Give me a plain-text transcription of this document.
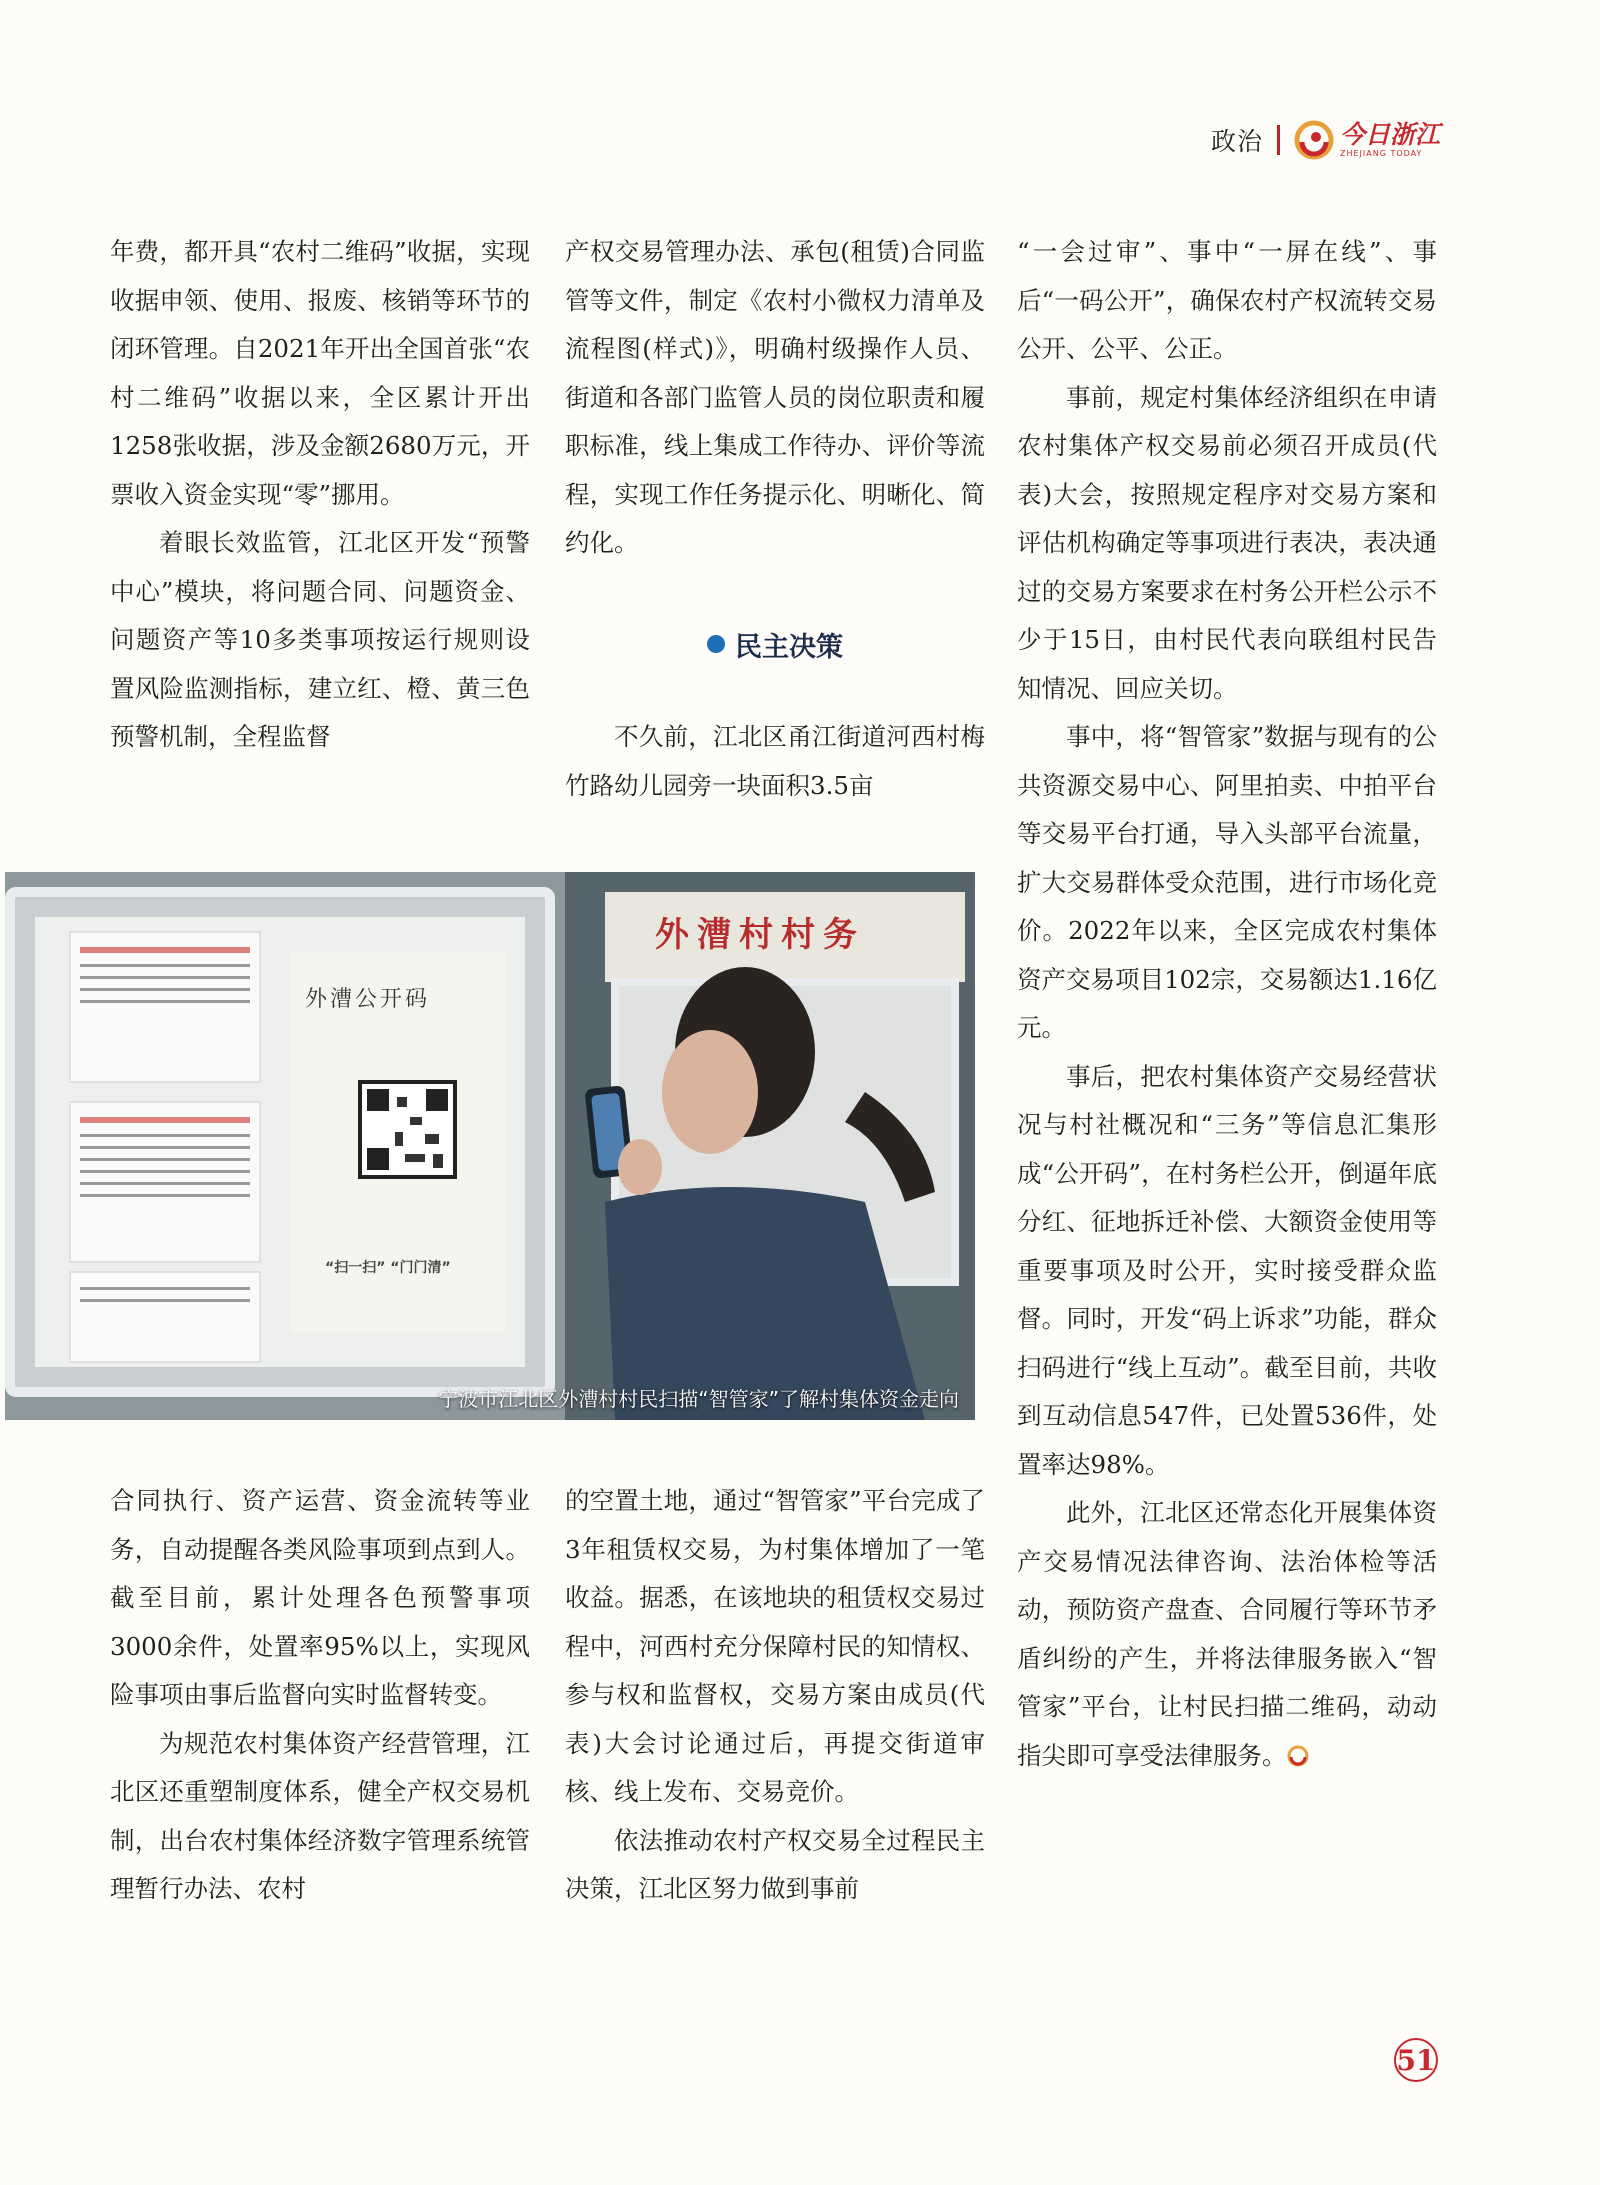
政治	今日浙江
ZHEJIANG TODAY

年费，都开具“农村二维码”收据，实现收据申领、使用、报废、核销等环节的闭环管理。自2021年开出全国首张“农村二维码”收据以来，全区累计开出1258张收据，涉及金额2680万元，开票收入资金实现“零”挪用。

着眼长效监管，江北区开发“预警中心”模块，将问题合同、问题资金、问题资产等10多类事项按运行规则设置风险监测指标，建立红、橙、黄三色预警机制，全程监督

产权交易管理办法、承包(租赁)合同监管等文件，制定《农村小微权力清单及流程图(样式)》，明确村级操作人员、街道和各部门监管人员的岗位职责和履职标准，线上集成工作待办、评价等流程，实现工作任务提示化、明晰化、简约化。

民主决策

不久前，江北区甬江街道河西村梅竹路幼儿园旁一块面积3.5亩

“一会过审”、事中“一屏在线”、事后“一码公开”，确保农村产权流转交易公开、公平、公正。

事前，规定村集体经济组织在申请农村集体产权交易前必须召开成员(代表)大会，按照规定程序对交易方案和评估机构确定等事项进行表决，表决通过的交易方案要求在村务公开栏公示不少于15日，由村民代表向联组村民告知情况、回应关切。

事中，将“智管家”数据与现有的公共资源交易中心、阿里拍卖、中拍平台等交易平台打通，导入头部平台流量，扩大交易群体受众范围，进行市场化竞价。2022年以来，全区完成农村集体资产交易项目102宗，交易额达1.16亿元。

事后，把农村集体资产交易经营状况与村社概况和“三务”等信息汇集形成“公开码”，在村务栏公开，倒逼年底分红、征地拆迁补偿、大额资金使用等重要事项及时公开，实时接受群众监督。同时，开发“码上诉求”功能，群众扫码进行“线上互动”。截至目前，共收到互动信息547件，已处置536件，处置率达98%。

此外，江北区还常态化开展集体资产交易情况法律咨询、法治体检等活动，预防资产盘查、合同履行等环节矛盾纠纷的产生，并将法律服务嵌入“智管家”平台，让村民扫描二维码，动动指尖即可享受法律服务。

外漕公开码
“扫一扫” “门门清”
外漕村村务
宁波市江北区外漕村村民扫描“智管家”了解村集体资金走向

合同执行、资产运营、资金流转等业务，自动提醒各类风险事项到点到人。截至目前，累计处理各色预警事项3000余件，处置率95%以上，实现风险事项由事后监督向实时监督转变。

为规范农村集体资产经营管理，江北区还重塑制度体系，健全产权交易机制，出台农村集体经济数字管理系统管理暂行办法、农村

的空置土地，通过“智管家”平台完成了3年租赁权交易，为村集体增加了一笔收益。据悉，在该地块的租赁权交易过程中，河西村充分保障村民的知情权、参与权和监督权，交易方案由成员(代表)大会讨论通过后，再提交街道审核、线上发布、交易竞价。

依法推动农村产权交易全过程民主决策，江北区努力做到事前

51
